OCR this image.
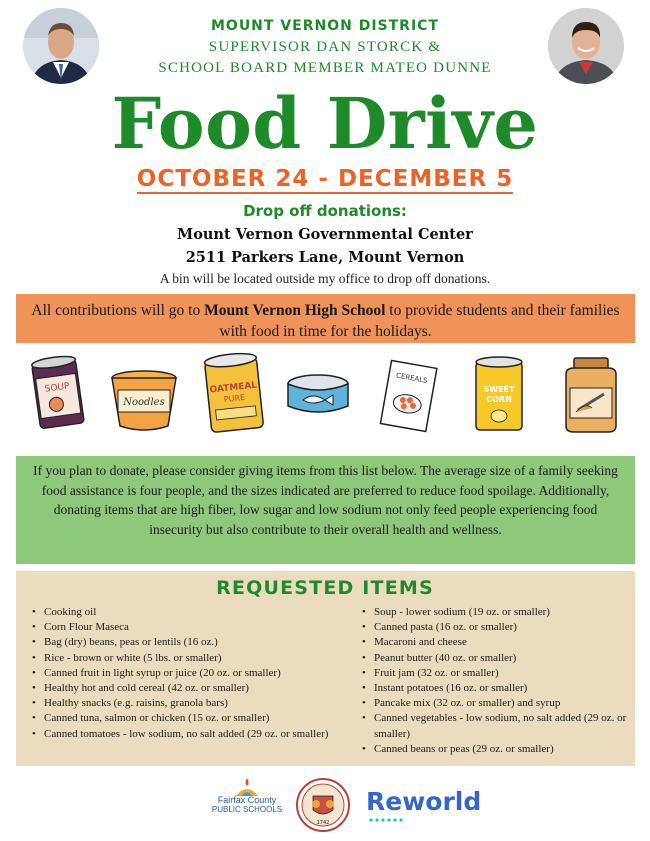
MOUNT VERNON DISTRICT
SUPERVISOR DAN STORCK &
SCHOOL BOARD MEMBER MATEO DUNNE
Food Drive
OCTOBER 24 - DECEMBER 5
Drop off donations:
Mount Vernon Governmental Center
2511 Parkers Lane, Mount Vernon
A bin will be located outside my office to drop off donations.

All contributions will go to Mount Vernon High School to provide students and their families with food in time for the holidays.

SOUP
Noodles
OATMEAL
PURE
CEREALS
SWEET
CORN

If you plan to donate, please consider giving items from this list below. The average size of a family seeking food assistance is four people, and the sizes indicated are preferred to reduce food spoilage. Additionally, donating items that are high fiber, low sugar and low sodium not only feed people experiencing food insecurity but also contribute to their overall health and wellness.

REQUESTED ITEMS
• Cooking oil
• Corn Flour Maseca
• Bag (dry) beans, peas or lentils (16 oz.)
• Rice - brown or white (5 lbs. or smaller)
• Canned fruit in light syrup or juice (20 oz. or smaller)
• Healthy hot and cold cereal (42 oz. or smaller)
• Healthy snacks (e.g. raisins, granola bars)
• Canned tuna, salmon or chicken (15 oz. or smaller)
• Canned tomatoes - low sodium, no salt added (29 oz. or smaller)
• Soup - lower sodium (19 oz. or smaller)
• Canned pasta (16 oz. or smaller)
• Macaroni and cheese
• Peanut butter (40 oz. or smaller)
• Fruit jam (32 oz. or smaller)
• Instant potatoes (16 oz. or smaller)
• Pancake mix (32 oz. or smaller) and syrup
• Canned vegetables - low sodium, no salt added (29 oz. or smaller)
• Canned beans or peas (29 oz. or smaller)
Fairfax County
PUBLIC SCHOOLS
1742
Reworld
